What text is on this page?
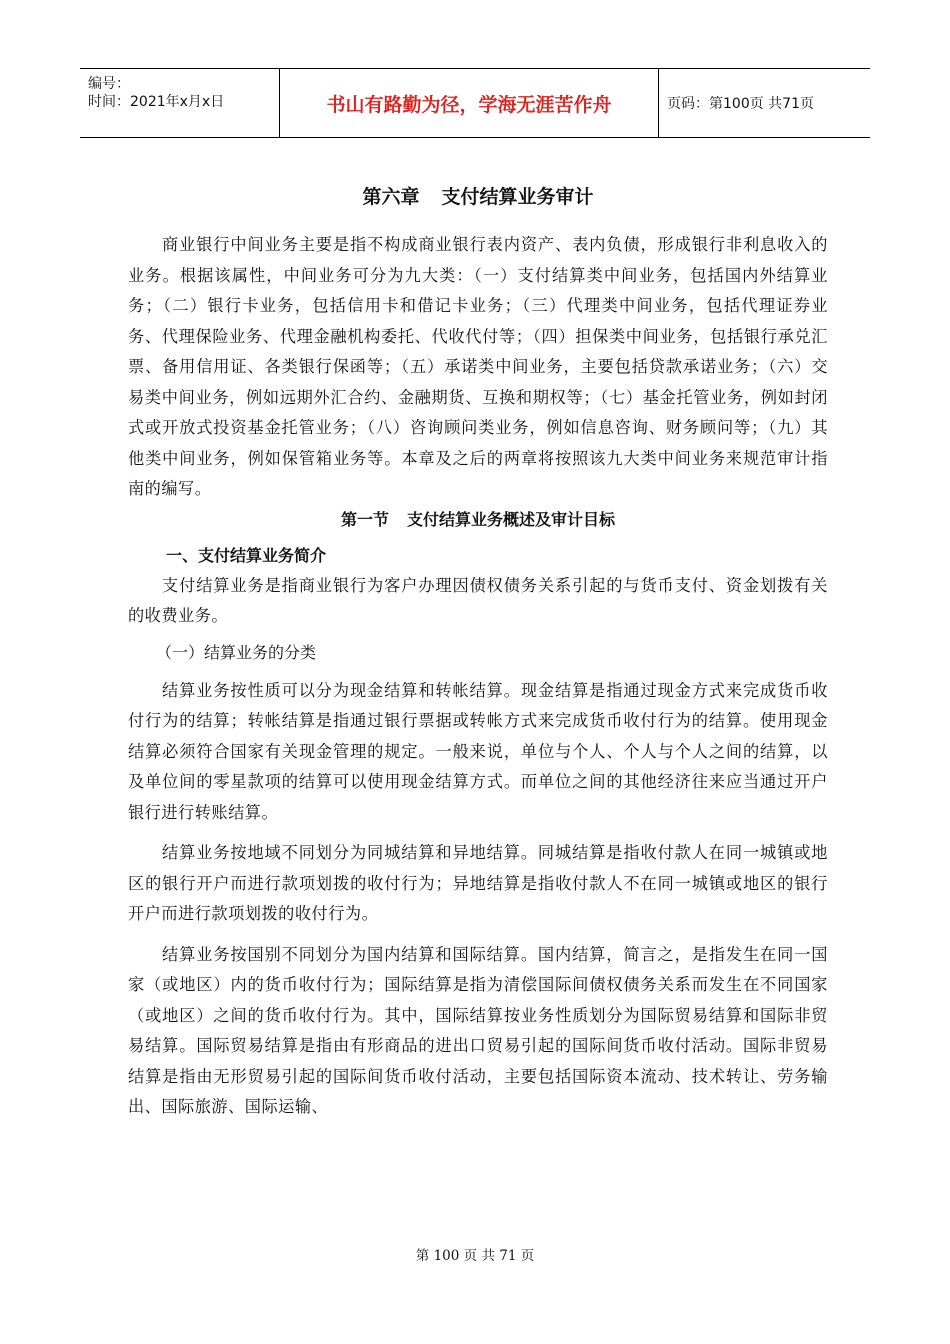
编号：
时间：2021年x月x日	书山有路勤为径，学海无涯苦作舟	页码：第100页 共71页
第六章 支付结算业务审计

商业银行中间业务主要是指不构成商业银行表内资产、表内负债，形成银行非利息收入的业务。根据该属性，中间业务可分为九大类：（一）支付结算类中间业务，包括国内外结算业务；（二）银行卡业务，包括信用卡和借记卡业务；（三）代理类中间业务，包括代理证券业务、代理保险业务、代理金融机构委托、代收代付等；（四）担保类中间业务，包括银行承兑汇票、备用信用证、各类银行保函等；（五）承诺类中间业务，主要包括贷款承诺业务；（六）交易类中间业务，例如远期外汇合约、金融期货、互换和期权等；（七）基金托管业务，例如封闭式或开放式投资基金托管业务；（八）咨询顾问类业务，例如信息咨询、财务顾问等；（九）其他类中间业务，例如保管箱业务等。本章及之后的两章将按照该九大类中间业务来规范审计指南的编写。

第一节 支付结算业务概述及审计目标
一、支付结算业务简介

支付结算业务是指商业银行为客户办理因债权债务关系引起的与货币支付、资金划拨有关的收费业务。

（一）结算业务的分类

结算业务按性质可以分为现金结算和转帐结算。现金结算是指通过现金方式来完成货币收付行为的结算；转帐结算是指通过银行票据或转帐方式来完成货币收付行为的结算。使用现金结算必须符合国家有关现金管理的规定。一般来说，单位与个人、个人与个人之间的结算，以及单位间的零星款项的结算可以使用现金结算方式。而单位之间的其他经济往来应当通过开户银行进行转账结算。

结算业务按地域不同划分为同城结算和异地结算。同城结算是指收付款人在同一城镇或地区的银行开户而进行款项划拨的收付行为；异地结算是指收付款人不在同一城镇或地区的银行开户而进行款项划拨的收付行为。

结算业务按国别不同划分为国内结算和国际结算。国内结算，简言之，是指发生在同一国家（或地区）内的货币收付行为；国际结算是指为清偿国际间债权债务关系而发生在不同国家（或地区）之间的货币收付行为。其中，国际结算按业务性质划分为国际贸易结算和国际非贸易结算。国际贸易结算是指由有形商品的进出口贸易引起的国际间货币收付活动。国际非贸易结算是指由无形贸易引起的国际间货币收付活动，主要包括国际资本流动、技术转让、劳务输出、国际旅游、国际运输、

第 100 页 共 71 页
